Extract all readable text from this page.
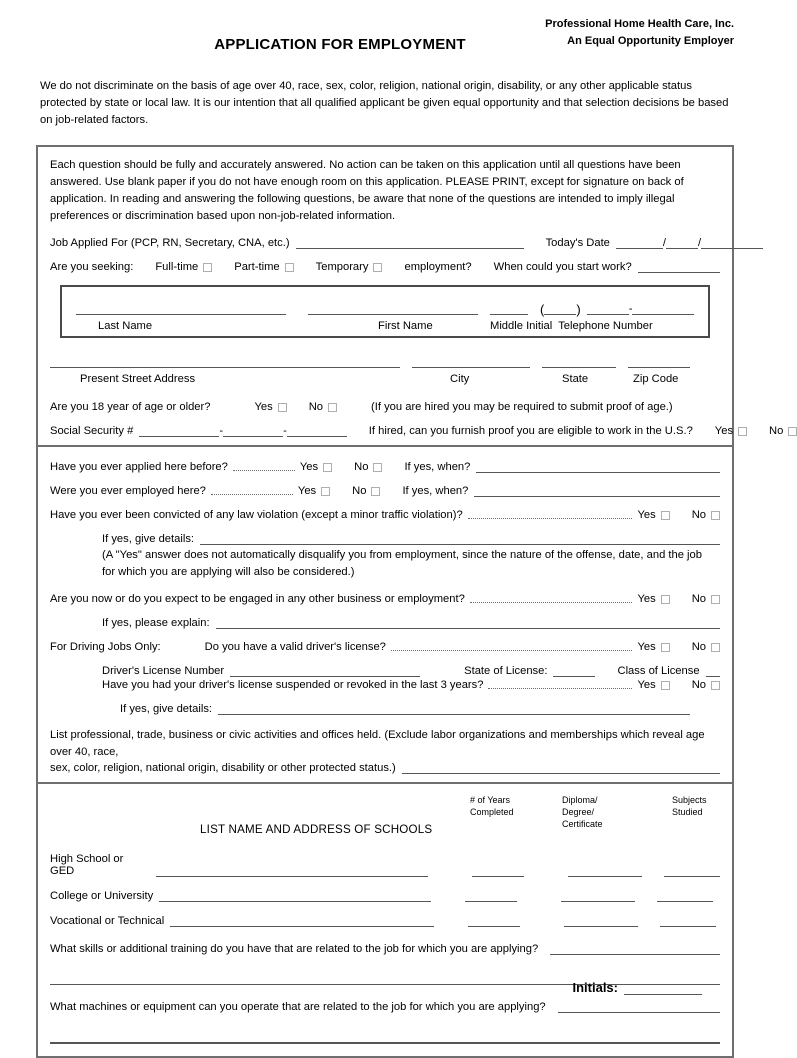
Professional Home Health Care, Inc.
An Equal Opportunity Employer
APPLICATION FOR EMPLOYMENT
We do not discriminate on the basis of age over 40, race, sex, color, religion, national origin, disability, or any other applicable status protected by state or local law. It is our intention that all qualified applicant be given equal opportunity and that selection decisions be based on job-related factors.
Each question should be fully and accurately answered. No action can be taken on this application until all questions have been answered. Use blank paper if you do not have enough room on this application. PLEASE PRINT, except for signature on back of application. In reading and answering the following questions, be aware that none of the questions are intended to imply illegal preferences or discrimination based upon non-job-related information.
Job Applied For (PCP, RN, Secretary, CNA, etc.)	Today's Date	/	/
Are you seeking: Full-time	Part-time	Temporary	employment? When could you start work?
( )	-
Last Name	First Name	Middle Initial Telephone Number
Present Street Address	City	State	Zip Code
Are you 18 year of age or older?	Yes	No	(If you are hired you may be required to submit proof of age.)
Social Security #	-	-	If hired, can you furnish proof you are eligible to work in the U.S.? Yes	No
Have you ever applied here before?	Yes	No	If yes, when?
Were you ever employed here?	Yes	No	If yes, when?
Have you ever been convicted of any law violation (except a minor traffic violation)?	Yes	No
If yes, give details:
(A "Yes" answer does not automatically disqualify you from employment, since the nature of the offense, date, and the job for which you are applying will also be considered.)
Are you now or do you expect to be engaged in any other business or employment?	Yes	No
If yes, please explain:
For Driving Jobs Only:	Do you have a valid driver's license?	Yes	No
Driver's License Number	State of License:	Class of License
Have you had your driver's license suspended or revoked in the last 3 years?	Yes	No
If yes, give details:
List professional, trade, business or civic activities and offices held. (Exclude labor organizations and memberships which reveal age over 40, race,
sex, color, religion, national origin, disability or other protected status.)
# of Years
Completed
Diploma/
Degree/
Certificate
Subjects
Studied
LIST NAME AND ADDRESS OF SCHOOLS
High School or GED
College or University
Vocational or Technical
What skills or additional training do you have that are related to the job for which you are applying?
What machines or equipment can you operate that are related to the job for which you are applying?
Initials:
